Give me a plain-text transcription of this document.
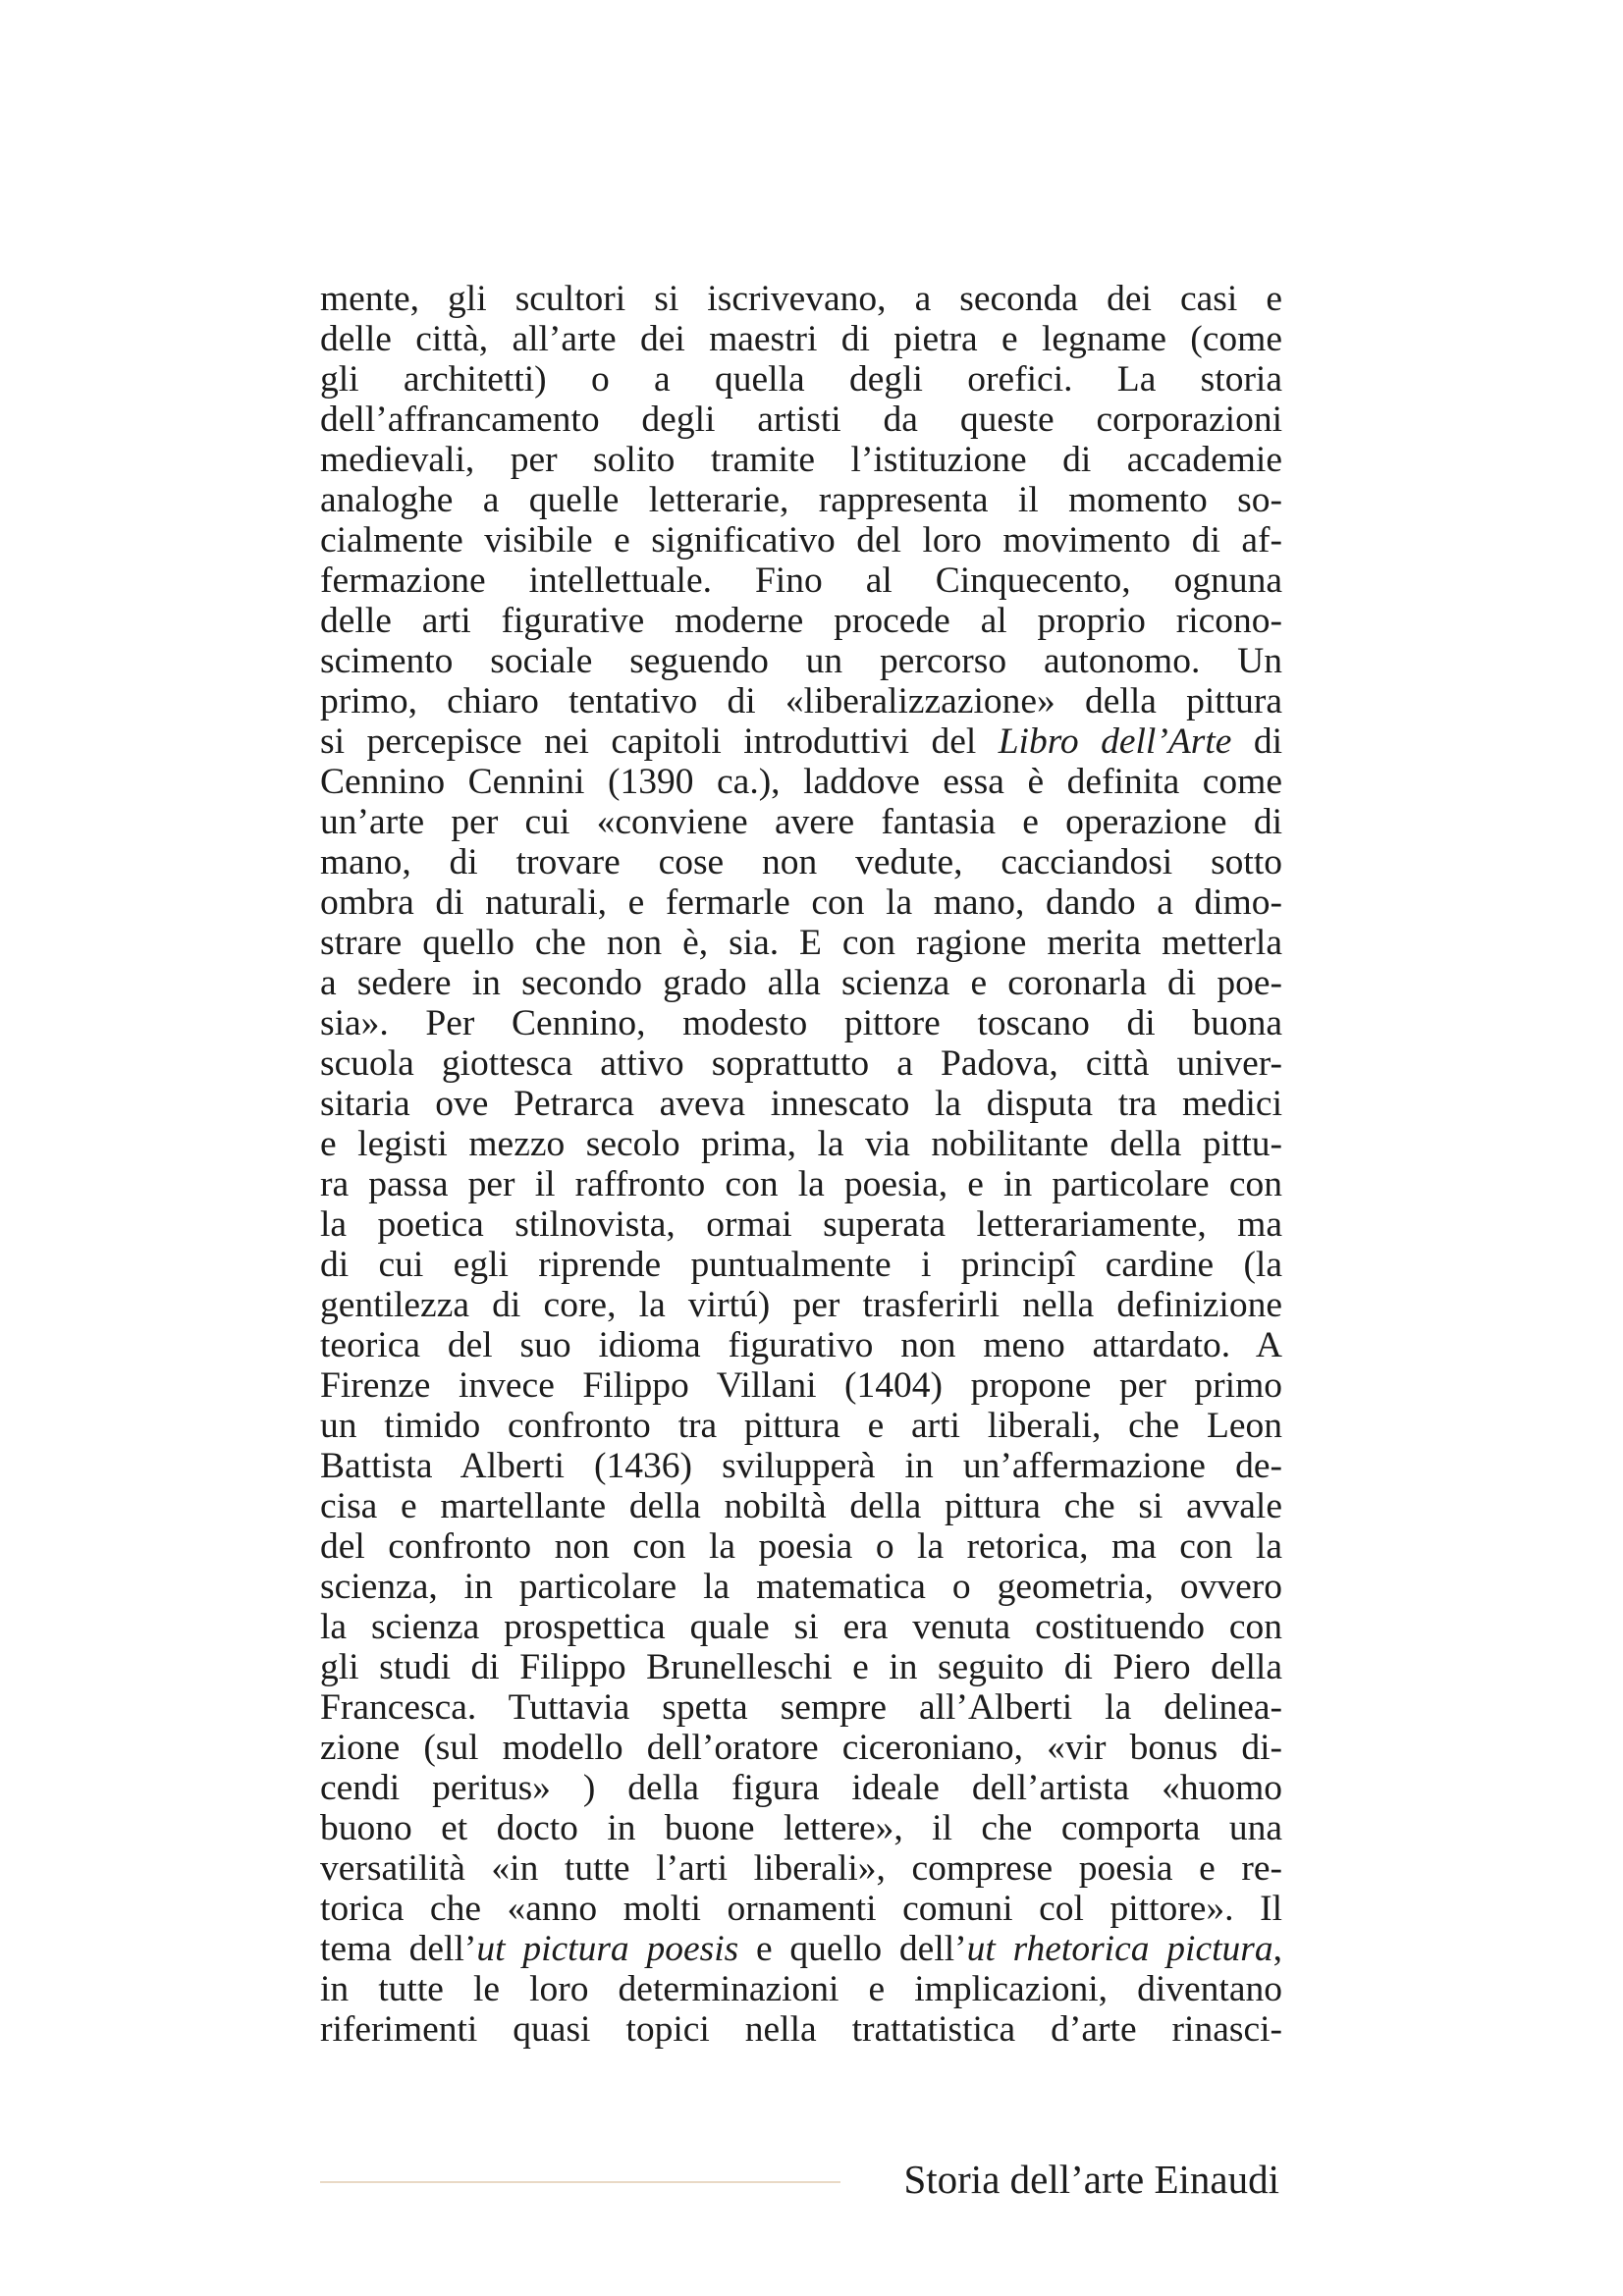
mente, gli scultori si iscrivevano, a seconda dei casi e
delle città, all’arte dei maestri di pietra e legname (come
gli architetti) o a quella degli orefici. La storia
dell’affrancamento degli artisti da queste corporazioni
medievali, per solito tramite l’istituzione di accademie
analoghe a quelle letterarie, rappresenta il momento so-
cialmente visibile e significativo del loro movimento di af-
fermazione intellettuale. Fino al Cinquecento, ognuna
delle arti figurative moderne procede al proprio ricono-
scimento sociale seguendo un percorso autonomo. Un
primo, chiaro tentativo di «liberalizzazione» della pittura
si percepisce nei capitoli introduttivi del Libro dell’Arte di
Cennino Cennini (1390 ca.), laddove essa è definita come
un’arte per cui «conviene avere fantasia e operazione di
mano, di trovare cose non vedute, cacciandosi sotto
ombra di naturali, e fermarle con la mano, dando a dimo-
strare quello che non è, sia. E con ragione merita metterla
a sedere in secondo grado alla scienza e coronarla di poe-
sia». Per Cennino, modesto pittore toscano di buona
scuola giottesca attivo soprattutto a Padova, città univer-
sitaria ove Petrarca aveva innescato la disputa tra medici
e legisti mezzo secolo prima, la via nobilitante della pittu-
ra passa per il raffronto con la poesia, e in particolare con
la poetica stilnovista, ormai superata letterariamente, ma
di cui egli riprende puntualmente i principî cardine (la
gentilezza di core, la virtú) per trasferirli nella definizione
teorica del suo idioma figurativo non meno attardato. A
Firenze invece Filippo Villani (1404) propone per primo
un timido confronto tra pittura e arti liberali, che Leon
Battista Alberti (1436) svilupperà in un’affermazione de-
cisa e martellante della nobiltà della pittura che si avvale
del confronto non con la poesia o la retorica, ma con la
scienza, in particolare la matematica o geometria, ovvero
la scienza prospettica quale si era venuta costituendo con
gli studi di Filippo Brunelleschi e in seguito di Piero della
Francesca. Tuttavia spetta sempre all’Alberti la delinea-
zione (sul modello dell’oratore ciceroniano, «vir bonus di-
cendi peritus» ) della figura ideale dell’artista «huomo
buono et docto in buone lettere», il che comporta una
versatilità «in tutte l’arti liberali», comprese poesia e re-
torica che «anno molti ornamenti comuni col pittore». Il
tema dell’ut pictura poesis e quello dell’ut rhetorica pictura,
in tutte le loro determinazioni e implicazioni, diventano
riferimenti quasi topici nella trattatistica d’arte rinasci-
Storia dell’arte Einaudi
